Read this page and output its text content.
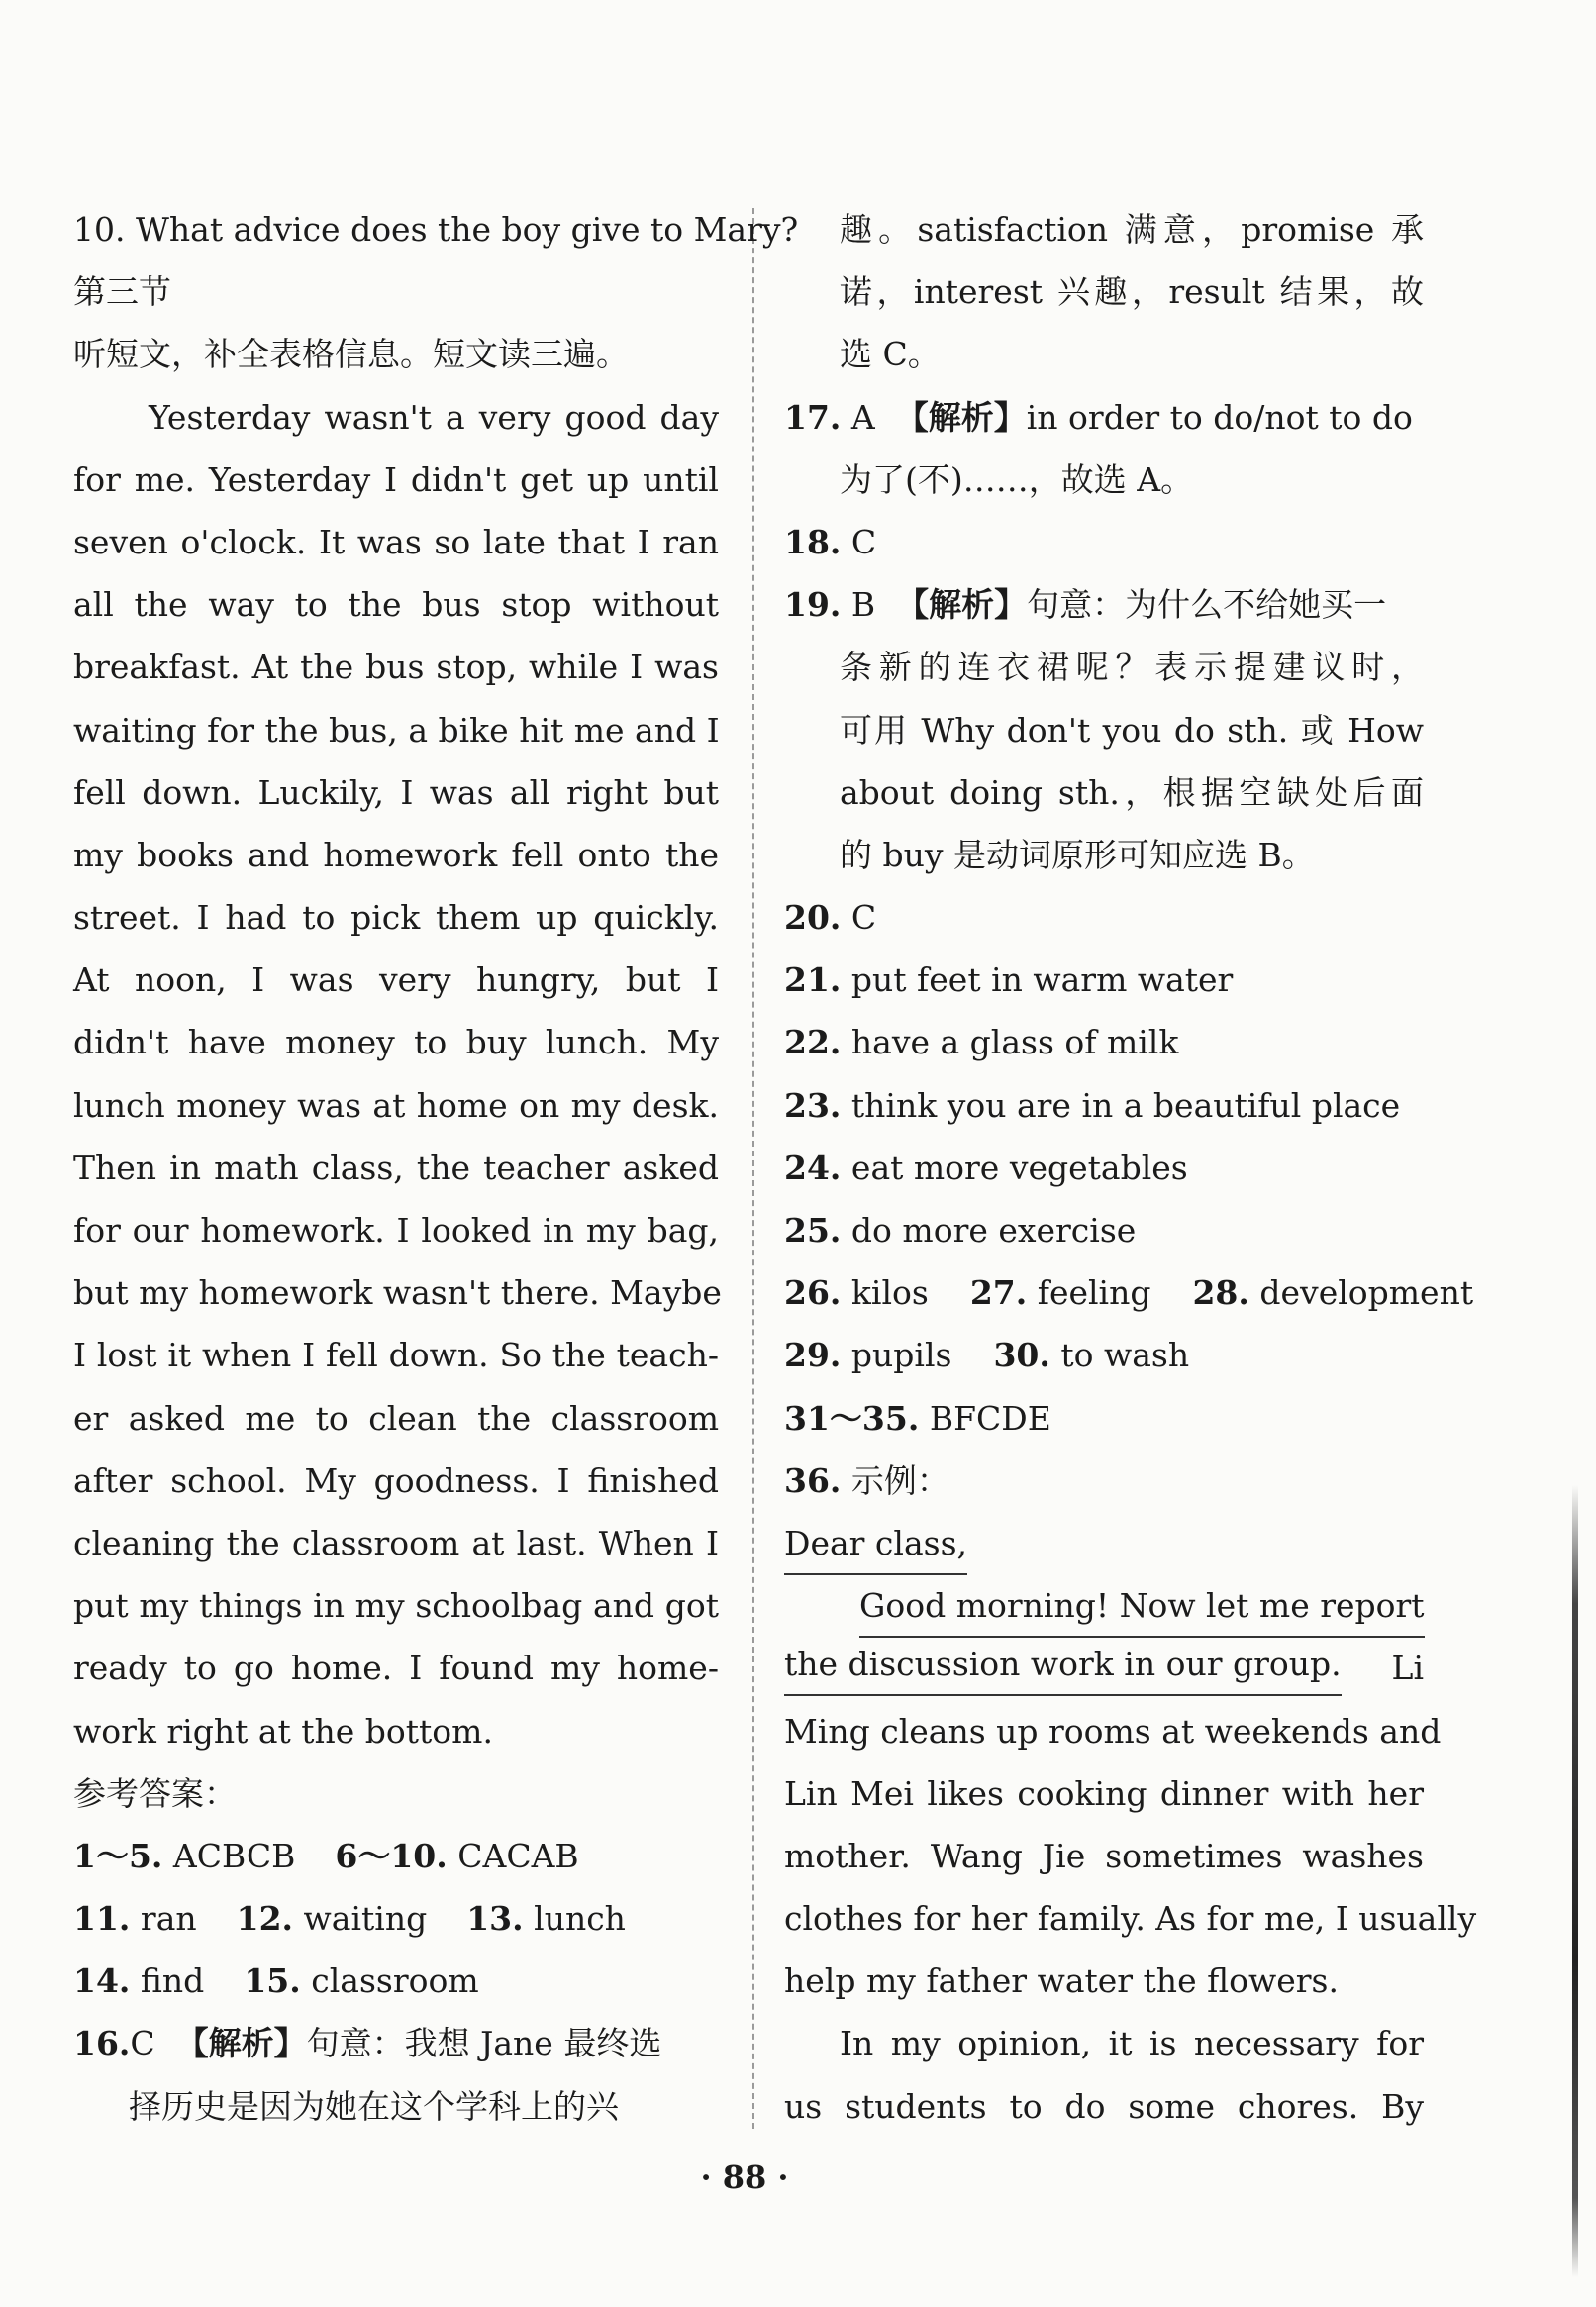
10. What advice does the boy give to Mary?
第三节
听短文，补全表格信息。短文读三遍。
Yesterday wasn't a very good day
for me. Yesterday I didn't get up until
seven o'clock. It was so late that I ran
all the way to the bus stop without
breakfast. At the bus stop, while I was
waiting for the bus, a bike hit me and I
fell down. Luckily, I was all right but
my books and homework fell onto the
street. I had to pick them up quickly.
At noon, I was very hungry, but I
didn't have money to buy lunch. My
lunch money was at home on my desk.
Then in math class, the teacher asked
for our homework. I looked in my bag,
but my homework wasn't there. Maybe
I lost it when I fell down. So the teach-
er asked me to clean the classroom
after school. My goodness. I finished
cleaning the classroom at last. When I
put my things in my schoolbag and got
ready to go home. I found my home-
work right at the bottom.
参考答案：
1～5. ACBCB 6～10. CACAB
11. ran 12. waiting 13. lunch
14. find 15. classroom
16.C 【解析】句意：我想 Jane 最终选
择历史是因为她在这个学科上的兴
趣。satisfaction 满意，promise 承
诺，interest 兴趣，result 结果，故
选 C。
17. A 【解析】in order to do/not to do
为了(不)……，故选 A。
18. C
19. B 【解析】句意：为什么不给她买一
条新的连衣裙呢？表示提建议时，
可用 Why don't you do sth. 或 How
about doing sth.，根据空缺处后面
的 buy 是动词原形可知应选 B。
20. C
21. put feet in warm water
22. have a glass of milk
23. think you are in a beautiful place
24. eat more vegetables
25. do more exercise
26. kilos 27. feeling 28. development
29. pupils 30. to wash
31～35. BFCDE
36. 示例：
Dear class,
Good morning! Now let me report
the discussion work in our group. Li
Ming cleans up rooms at weekends and
Lin Mei likes cooking dinner with her
mother. Wang Jie sometimes washes
clothes for her family. As for me, I usually
help my father water the flowers.
In my opinion, it is necessary for
us students to do some chores. By
· 88 ·
